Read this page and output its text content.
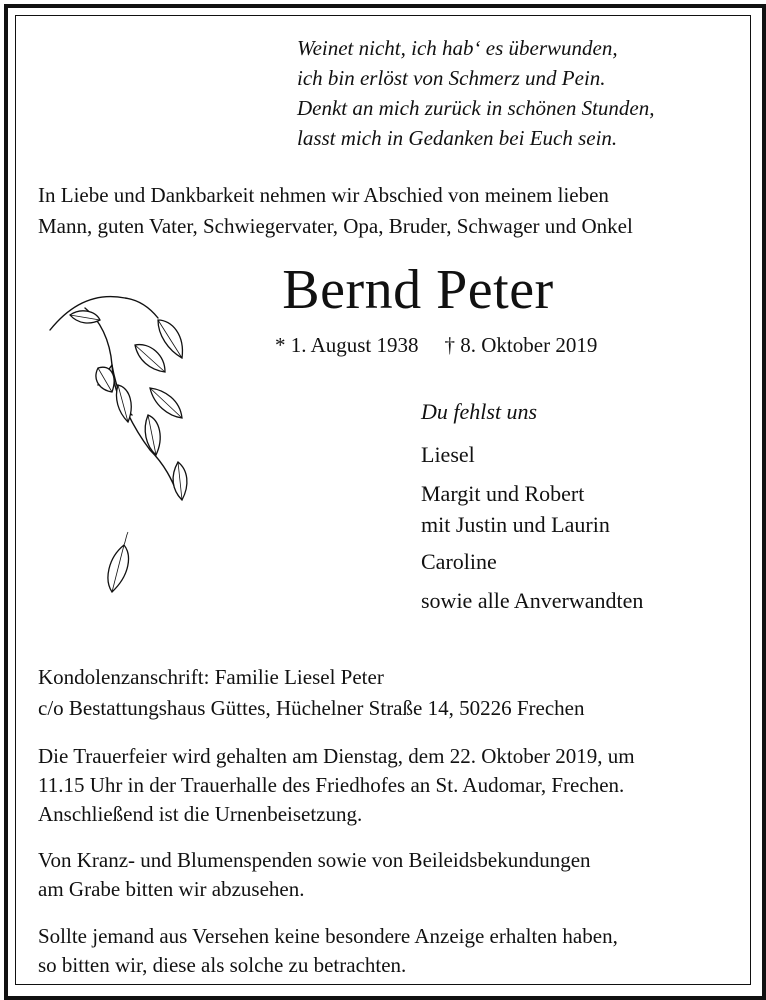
Weinet nicht, ich hab‘ es überwunden,
ich bin erlöst von Schmerz und Pein.
Denkt an mich zurück in schönen Stunden,
lasst mich in Gedanken bei Euch sein.
In Liebe und Dankbarkeit nehmen wir Abschied von meinem lieben
Mann, guten Vater, Schwiegervater, Opa, Bruder, Schwager und Onkel
Bernd Peter
* 1. August 1938 † 8. Oktober 2019
Du fehlst uns
Liesel
Margit und Robert
mit Justin und Laurin
Caroline
sowie alle Anverwandten
Kondolenzanschrift: Familie Liesel Peter
c/o Bestattungshaus Güttes, Hüchelner Straße 14, 50226 Frechen
Die Trauerfeier wird gehalten am Dienstag, dem 22. Oktober 2019, um
11.15 Uhr in der Trauerhalle des Friedhofes an St. Audomar, Frechen.
Anschließend ist die Urnenbeisetzung.
Von Kranz- und Blumenspenden sowie von Beileidsbekundungen
am Grabe bitten wir abzusehen.
Sollte jemand aus Versehen keine besondere Anzeige erhalten haben,
so bitten wir, diese als solche zu betrachten.
